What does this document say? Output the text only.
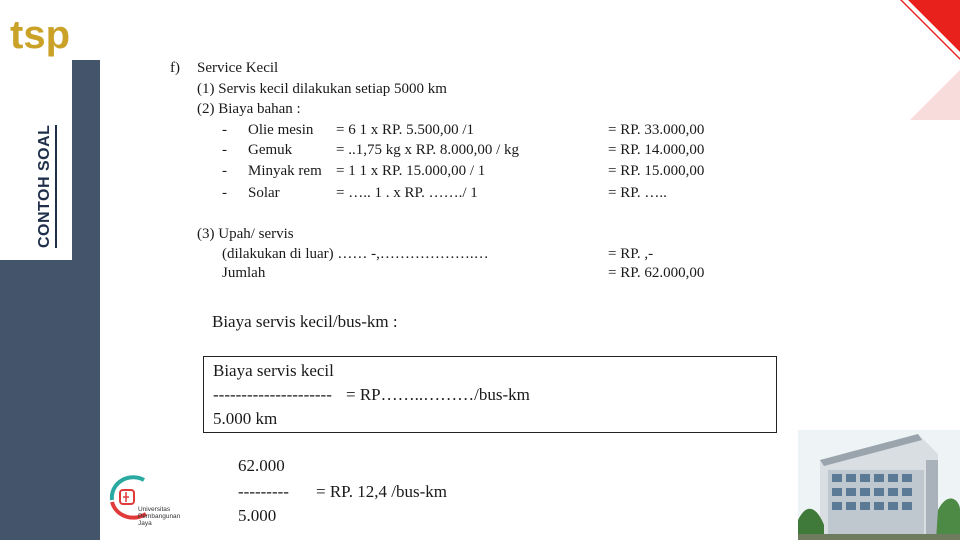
tsp
CONTOH SOAL
f) Service Kecil
(1) Servis kecil dilakukan setiap 5000 km
(2) Biaya bahan :
- Olie mesin = 6 1 x RP. 5.500,00 /1	= RP. 33.000,00
- Gemuk	= ..1,75 kg x RP. 8.000,00 / kg	= RP. 14.000,00
- Minyak rem = 1 1 x RP. 15.000,00 / 1	= RP. 15.000,00
- Solar	= ….. 1 . x RP. ……./ 1	= RP. …..
(3) Upah/ servis
(dilakukan di luar) …… -,……………….…	= RP. ,-
Jumlah	= RP. 62.000,00
Biaya servis kecil/bus-km :
Biaya servis kecil
--------------------- = RP……..………/bus-km
5.000 km
62.000
--------- = RP. 12,4 /bus-km
5.000
Universitas
Pembangunan
Jaya
